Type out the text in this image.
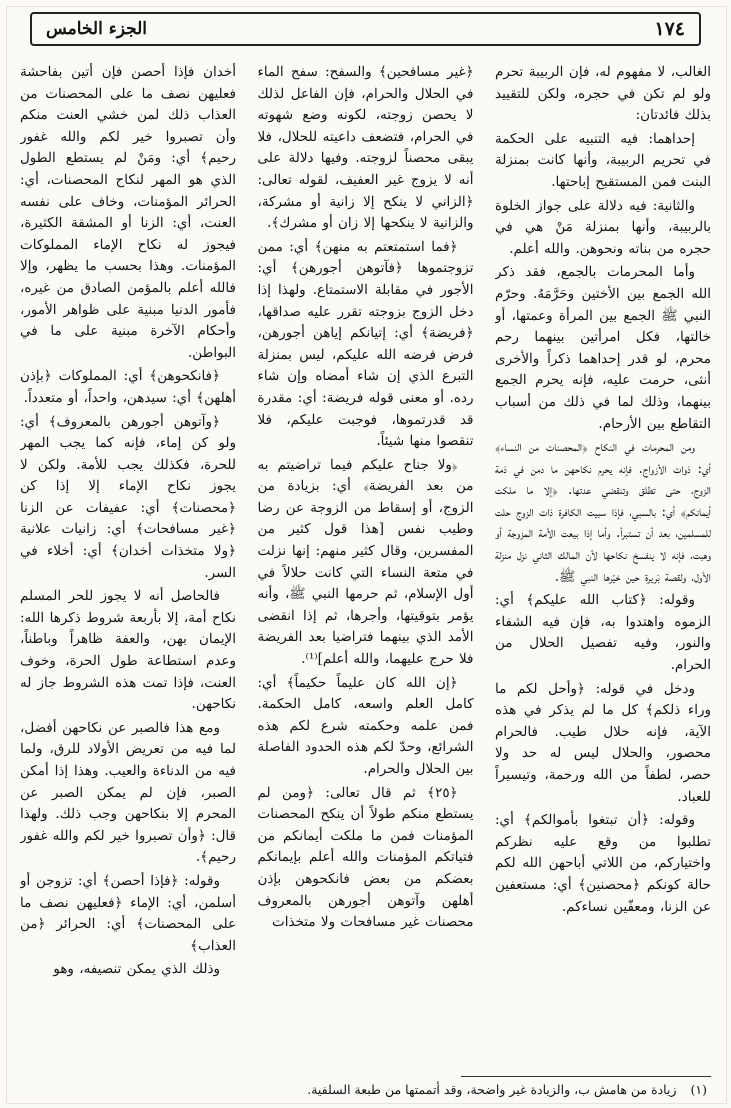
١٧٤
الجزء الخامس

الغالب، لا مفهوم له، فإن الربيبة تحرم ولو لم تكن في حجره، ولكن للتقييد بذلك فائدتان:

إحداهما: فيه التنبيه على الحكمة في تحريم الربيبة، وأنها كانت بمنزلة البنت فمن المستقبح إباحتها.

والثانية: فيه دلالة على جواز الخلوة بالربيبة، وأنها بمنزلة مَنْ هي في حجره من بناته ونحوهن. والله أعلم.

وأما المحرمات بالجمع، فقد ذكر الله الجمع بين الأختين وحَرَّمَهُ. وحرّم النبي ﷺ الجمع بين المرأة وعمتها، أو خالتها، فكل امرأتين بينهما رحم محرم، لو قدر إحداهما ذكراً والأخرى أنثى، حرمت عليه، فإنه يحرم الجمع بينهما، وذلك لما في ذلك من أسباب التقاطع بين الأرحام.

ومن المحرمات في النكاح ﴿المحصنات من النساء﴾ أي: ذوات الأزواج. فإنه يحرم نكاحهن ما دمن في ذمة الزوج، حتى تطلق وتنقضي عدتها. ﴿إلا ما ملكت أيمانكم﴾ أي: بالسبي، فإذا سبيت الكافرة ذات الزوج حلت للمسلمين، بعد أن تستبرأ. وأما إذا بيعت الأمة المزوجة أو وهبت، فإنه لا ينفسخ نكاحها لأن المالك الثاني نزل منزلة الأول، ولقصة بَريرة حين خيّرها النبي ﷺ.

وقوله: ﴿كتاب الله عليكم﴾ أي: الزموه واهتدوا به، فإن فيه الشفاء والنور، وفيه تفصيل الحلال من الحرام.

ودخل في قوله: ﴿وأحل لكم ما وراء ذلكم﴾ كل ما لم يذكر في هذه الآية، فإنه حلال طيب. فالحرام محصور، والحلال ليس له حد ولا حصر، لطفاً من الله ورحمة، وتيسيراً للعباد.

وقوله: ﴿أن تبتغوا بأموالكم﴾ أي: تطلبوا من وقع عليه نظركم واختياركم، من اللاتي أباحهن الله لكم حالة كونكم ﴿محصنين﴾ أي: مستعفين عن الزنا، ومعفّين نساءكم.

﴿غير مسافحين﴾ والسفح: سفح الماء في الحلال والحرام، فإن الفاعل لذلك لا يحصن زوجته، لكونه وضع شهوته في الحرام، فتضعف داعيته للحلال، فلا يبقى محصناً لزوجته. وفيها دلالة على أنه لا يزوج غير العفيف، لقوله تعالى: ﴿الزاني لا ينكح إلا زانية أو مشركة، والزانية لا ينكحها إلا زان أو مشرك﴾.

﴿فما استمتعتم به منهن﴾ أي: ممن تزوجتموها ﴿فآتوهن أجورهن﴾ أي: الأجور في مقابلة الاستمتاع. ولهذا إذا دخل الزوج بزوجته تقرر عليه صداقها، ﴿فريضة﴾ أي: إتيانكم إياهن أجورهن، فرض فرضه الله عليكم، ليس بمنزلة التبرع الذي إن شاء أمضاه وإن شاء رده. أو معنى قوله فريضة: أي: مقدرة قد قدرتموها، فوجبت عليكم، فلا تنقصوا منها شيئاً.

﴿ولا جناح عليكم فيما تراضيتم به من بعد الفريضة﴾ أي: بزيادة من الزوج، أو إسقاط من الزوجة عن رضا وطيب نفس [هذا قول كثير من المفسرين، وقال كثير منهم: إنها نزلت في متعة النساء التي كانت حلالاً في أول الإسلام، ثم حرمها النبي ﷺ، وأنه يؤمر بتوقيتها، وأجرها، ثم إذا انقضى الأمد الذي بينهما فتراضيا بعد الفريضة فلا حرج عليهما، والله أعلم]⁽¹⁾.

﴿إن الله كان عليماً حكيماً﴾ أي: كامل العلم واسعه، كامل الحكمة. فمن علمه وحكمته شرع لكم هذه الشرائع، وحدّ لكم هذه الحدود الفاصلة بين الحلال والحرام.

﴿٢٥﴾ ثم قال تعالى: ﴿ومن لم يستطع منكم طولاً أن ينكح المحصنات المؤمنات فمن ما ملكت أيمانكم من فتياتكم المؤمنات والله أعلم بإيمانكم بعضكم من بعض فانكحوهن بإذن أهلهن وآتوهن أجورهن بالمعروف محصنات غير مسافحات ولا متخذات

أخدان فإذا أحصن فإن أتين بفاحشة فعليهن نصف ما على المحصنات من العذاب ذلك لمن خشي العنت منكم وأن تصبروا خير لكم والله غفور رحيم﴾ أي: ومَنْ لم يستطع الطول الذي هو المهر لنكاح المحصنات، أي: الحرائر المؤمنات، وخاف على نفسه العنت، أي: الزنا أو المشقة الكثيرة، فيجوز له نكاح الإماء المملوكات المؤمنات. وهذا بحسب ما يظهر، وإلا فالله أعلم بالمؤمن الصادق من غيره، فأمور الدنيا مبنية على ظواهر الأمور، وأحكام الآخرة مبنية على ما في البواطن.

﴿فانكحوهن﴾ أي: المملوكات ﴿بإذن أهلهن﴾ أي: سيدهن، واحداً، أو متعدداً.

﴿وآتوهن أجورهن بالمعروف﴾ أي: ولو كن إماء، فإنه كما يجب المهر للحرة، فكذلك يجب للأمة. ولكن لا يجوز نكاح الإماء إلا إذا كن ﴿محصنات﴾ أي: عفيفات عن الزنا ﴿غير مسافحات﴾ أي: زانيات علانية ﴿ولا متخذات أخدان﴾ أي: أخلاء في السر.

فالحاصل أنه لا يجوز للحر المسلم نكاح أمة، إلا بأربعة شروط ذكرها الله: الإيمان بهن، والعفة ظاهراً وباطناً، وعدم استطاعة طول الحرة، وخوف العنت، فإذا تمت هذه الشروط جاز له نكاحهن.

ومع هذا فالصبر عن نكاحهن أفضل، لما فيه من تعريض الأولاد للرق، ولما فيه من الدناءة والعيب. وهذا إذا أمكن الصبر، فإن لم يمكن الصبر عن المحرم إلا بنكاحهن وجب ذلك. ولهذا قال: ﴿وأن تصبروا خير لكم والله غفور رحيم﴾.

وقوله: ﴿فإذا أحصن﴾ أي: تزوجن أو أسلمن، أي: الإماء ﴿فعليهن نصف ما على المحصنات﴾ أي: الحرائر ﴿من العذاب﴾

وذلك الذي يمكن تنصيفه، وهو

(١) زيادة من هامش ب، والزيادة غير واضحة، وقد أتممتها من طبعة السلفية.
